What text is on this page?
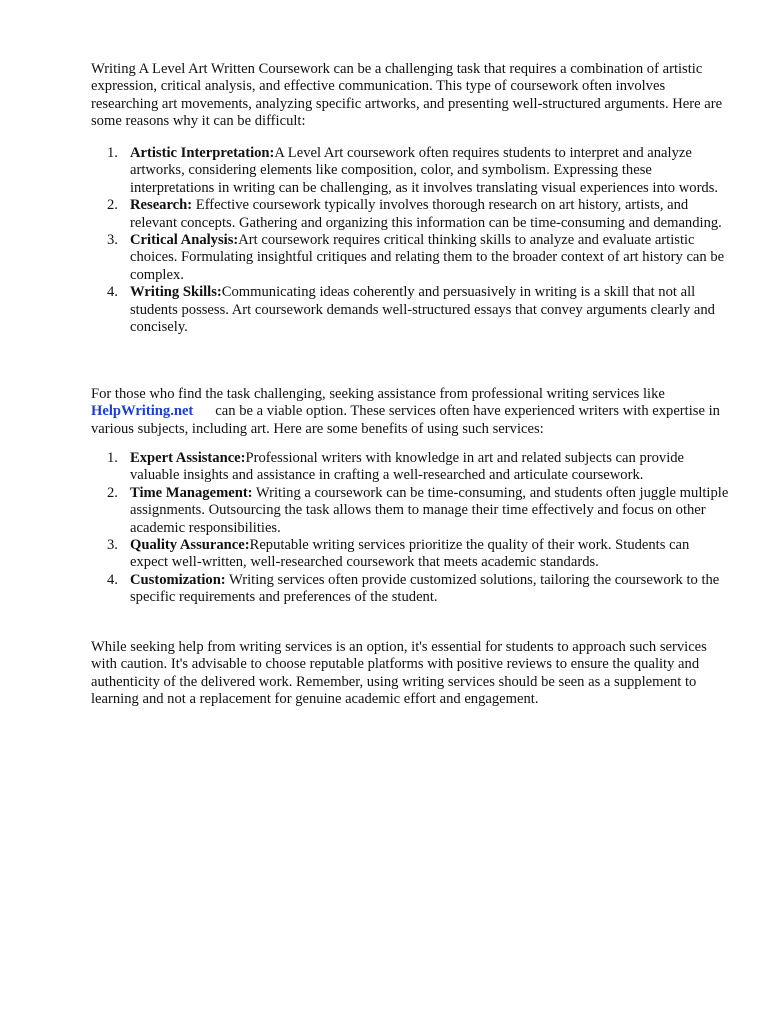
Writing A Level Art Written Coursework can be a challenging task that requires a combination of artistic expression, critical analysis, and effective communication. This type of coursework often involves researching art movements, analyzing specific artworks, and presenting well-structured arguments. Here are some reasons why it can be difficult:

1. Artistic Interpretation:A Level Art coursework often requires students to interpret and analyze artworks, considering elements like composition, color, and symbolism. Expressing these interpretations in writing can be challenging, as it involves translating visual experiences into words.
2. Research: Effective coursework typically involves thorough research on art history, artists, and relevant concepts. Gathering and organizing this information can be time-consuming and demanding.
3. Critical Analysis:Art coursework requires critical thinking skills to analyze and evaluate artistic choices. Formulating insightful critiques and relating them to the broader context of art history can be complex.
4. Writing Skills:Communicating ideas coherently and persuasively in writing is a skill that not all students possess. Art coursework demands well-structured essays that convey arguments clearly and concisely.

For those who find the task challenging, seeking assistance from professional writing services like
HelpWriting.net can be a viable option. These services often have experienced writers with expertise in various subjects, including art. Here are some benefits of using such services:

1. Expert Assistance:Professional writers with knowledge in art and related subjects can provide valuable insights and assistance in crafting a well-researched and articulate coursework.
2. Time Management: Writing a coursework can be time-consuming, and students often juggle multiple assignments. Outsourcing the task allows them to manage their time effectively and focus on other academic responsibilities.
3. Quality Assurance:Reputable writing services prioritize the quality of their work. Students can expect well-written, well-researched coursework that meets academic standards.
4. Customization: Writing services often provide customized solutions, tailoring the coursework to the specific requirements and preferences of the student.

While seeking help from writing services is an option, it's essential for students to approach such services with caution. It's advisable to choose reputable platforms with positive reviews to ensure the quality and authenticity of the delivered work. Remember, using writing services should be seen as a supplement to learning and not a replacement for genuine academic effort and engagement.
